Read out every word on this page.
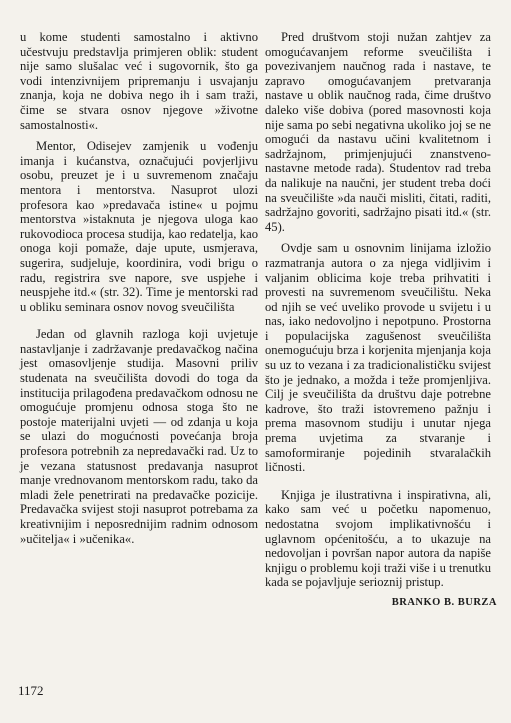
u kome studenti samostalno i aktivno učestvuju predstavlja primjeren oblik: student nije samo slušalac već i sugovornik, što ga vodi intenzivnijem pripremanju i usvajanju znanja, koja ne dobiva nego ih i sam traži, čime se stvara osnov njegove »životne samostalnosti«.

Mentor, Odisejev zamjenik u vođenju imanja i kućanstva, označujući povjerljivu osobu, preuzet je i u suvremenom značaju mentora i mentorstva. Nasuprot ulozi profesora kao »predavača istine« u pojmu mentorstva »istaknuta je njegova uloga kao rukovodioca procesa studija, kao redatelja, kao onoga koji pomaže, daje upute, usmjerava, sugerira, sudjeluje, koordinira, vodi brigu o radu, registrira sve napore, sve uspjehe i neuspjehe itd.« (str. 32). Time je mentorski rad u obliku seminara osnov novog sveučilišta

Jedan od glavnih razloga koji uvjetuje nastavljanje i zadržavanje predavačkog načina jest omasovljenje studija. Masovni priliv studenata na sveučilišta dovodi do toga da institucija prilagođena predavačkom odnosu ne omogućuje promjenu odnosa stoga što ne postoje materijalni uvjeti — od zdanja u koja se ulazi do mogućnosti povećanja broja profesora potrebnih za nepredavački rad. Uz to je vezana statusnost predavanja nasuprot manje vrednovanom mentorskom radu, tako da mladi žele penetrirati na predavačke pozicije. Predavačka svijest stoji nasuprot potrebama za kreativnijim i neposrednijim radnim odnosom »učitelja« i »učenika«.

Pred društvom stoji nužan zahtjev za omogućavanjem reforme sveučilišta i povezivanjem naučnog rada i nastave, te zapravo omogućavanjem pretvaranja nastave u oblik naučnog rada, čime društvo daleko više dobiva (pored masovnosti koja nije sama po sebi negativna ukoliko joj se ne omogući da nastavu učini kvalitetnom i sadržajnom, primjenjujući znanstveno-nastavne metode rada). Studentov rad treba da nalikuje na naučni, jer student treba doći na sveučilište »da nauči misliti, čitati, raditi, sadržajno govoriti, sadržajno pisati itd.« (str. 45).

Ovdje sam u osnovnim linijama izložio razmatranja autora o za njega vidljivim i valjanim oblicima koje treba prihvatiti i provesti na suvremenom sveučilištu. Neka od njih se već uveliko provode u svijetu i u nas, iako nedovoljno i nepotpuno. Prostorna i populacijska zagušenost sveučilišta onemogućuju brza i korjenita mjenjanja koja su uz to vezana i za tradicionalističku svijest što je jednako, a možda i teže promjenljiva. Cilj je sveučilišta da društvu daje potrebne kadrove, što traži istovremeno pažnju i prema masovnom studiju i unutar njega prema uvjetima za stvaranje i samoformiranje pojedinih stvaralačkih ličnosti.

Knjiga je ilustrativna i inspirativna, ali, kako sam već u početku napomenuo, nedostatna svojom implikativnošću i uglavnom općenitošću, a to ukazuje na nedovoljan i površan napor autora da napiše knjigu o problemu koji traži više i u trenutku kada se pojavljuje serioznij pristup.

BRANKO B. BURZA
1172
